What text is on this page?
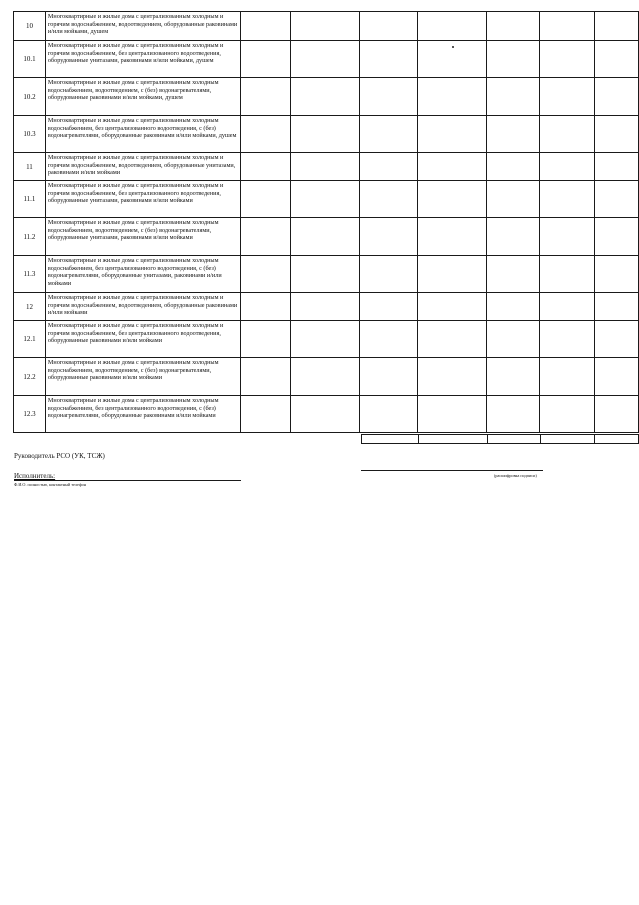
10	Многоквартирные и жилые дома с централизованным холодным и горячим водоснабжением, водоотведением, оборудованные раковинами и/или мойками, душем							
10.1	Многоквартирные и жилые дома с централизованным холодным и горячим водоснабжением, без централизованного водоотведения, оборудованные унитазами, раковинами и/или мойками, душем							
10.2	Многоквартирные и жилые дома с централизованным холодным водоснабжением, водоотведением, с (без) водонагревателями, оборудованные раковинами и/или мойками, душем							
10.3	Многоквартирные и жилые дома с централизованным холодным водоснабжением, без централизованного водоотведения, с (без) водонагревателями, оборудованные раковинами и/или мойками, душем							
11	Многоквартирные и жилые дома с централизованным холодным и горячим водоснабжением, водоотведением, оборудованные унитазами, раковинами и/или мойками							
11.1	Многоквартирные и жилые дома с централизованным холодным и горячим водоснабжением, без централизованного водоотведения, оборудованные унитазами, раковинами и/или мойками							
11.2	Многоквартирные и жилые дома с централизованным холодным водоснабжением, водоотведением, с (без) водонагревателями, оборудованные унитазами, раковинами и/или мойками							
11.3	Многоквартирные и жилые дома с централизованным холодным водоснабжением, без централизованного водоотведения, с (без) водонагревателями, оборудованные унитазами, раковинами и/или мойками							
12	Многоквартирные и жилые дома с централизованным холодным и горячим водоснабжением, водоотведением, оборудованные раковинами и/или мойками							
12.1	Многоквартирные и жилые дома с централизованным холодным и горячим водоснабжением, без централизованного водоотведения, оборудованные раковинами и/или мойками							
12.2	Многоквартирные и жилые дома с централизованным холодным водоснабжением, водоотведением, с (без) водонагревателями, оборудованные раковинами и/или мойками							
12.3	Многоквартирные и жилые дома с централизованным холодным водоснабжением, без централизованного водоотведения, с (без) водонагревателями, оборудованные раковинами и/или мойками							

Руководитель РСО (УК, ТСЖ)
(расшифровка подписи)
Исполнитель:
Ф.И.О. полностью, контактный телефон
